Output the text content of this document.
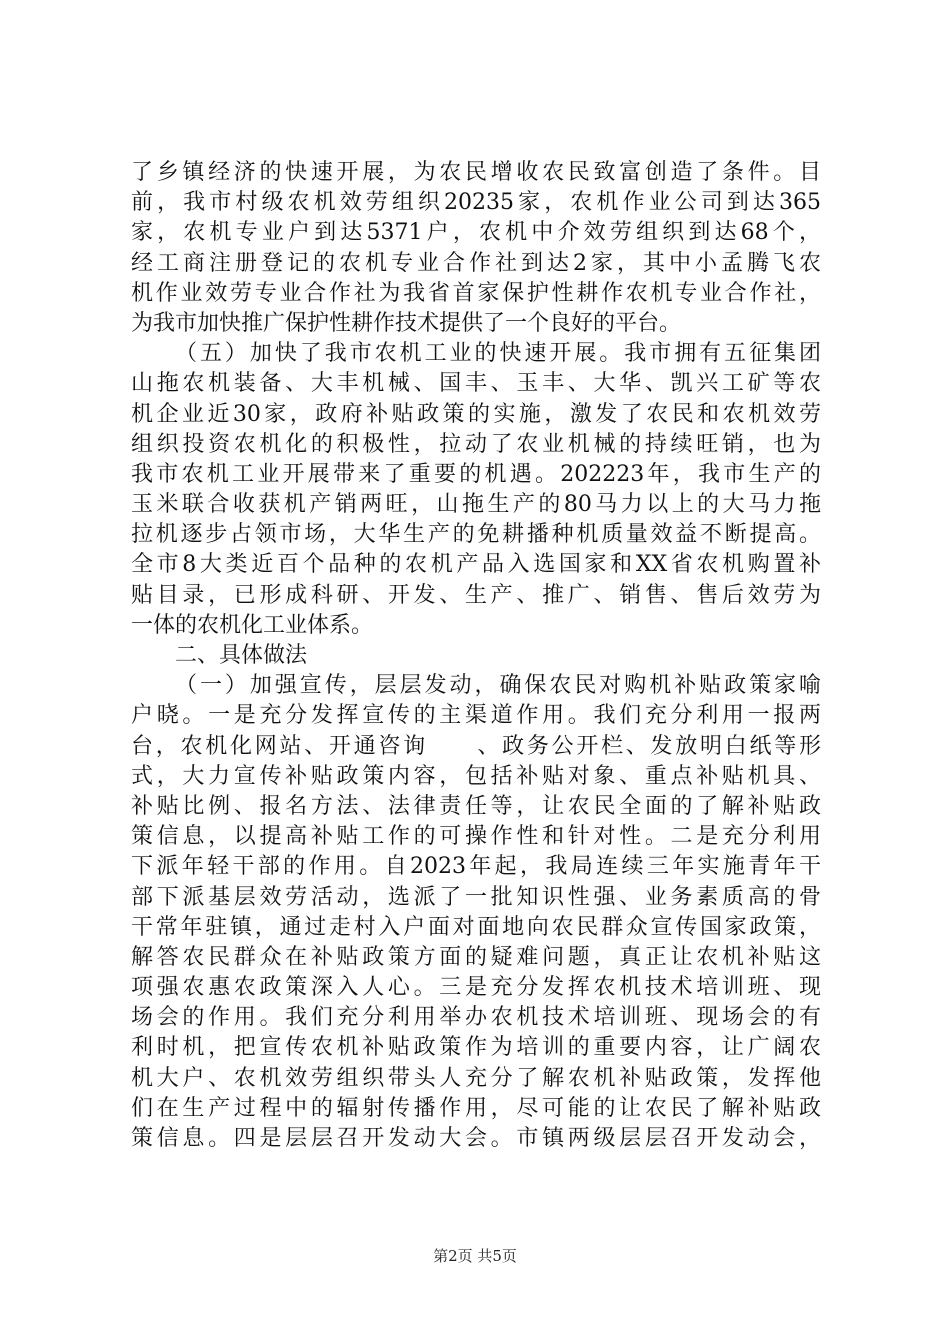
了乡镇经济的快速开展，为农民增收农民致富创造了条件。目
前，我市村级农机效劳组织20235家，农机作业公司到达365
家，农机专业户到达5371户，农机中介效劳组织到达68个，
经工商注册登记的农机专业合作社到达2家，其中小孟腾飞农
机作业效劳专业合作社为我省首家保护性耕作农机专业合作社，
为我市加快推广保护性耕作技术提供了一个良好的平台。
（五）加快了我市农机工业的快速开展。我市拥有五征集团
山拖农机装备、大丰机械、国丰、玉丰、大华、凯兴工矿等农
机企业近30家，政府补贴政策的实施，激发了农民和农机效劳
组织投资农机化的积极性，拉动了农业机械的持续旺销，也为
我市农机工业开展带来了重要的机遇。202223年，我市生产的
玉米联合收获机产销两旺，山拖生产的80马力以上的大马力拖
拉机逐步占领市场，大华生产的免耕播种机质量效益不断提高。
全市8大类近百个品种的农机产品入选国家和XX省农机购置补
贴目录，已形成科研、开发、生产、推广、销售、售后效劳为
一体的农机化工业体系。
二、具体做法
（一）加强宣传，层层发动，确保农民对购机补贴政策家喻
户晓。一是充分发挥宣传的主渠道作用。我们充分利用一报两
台，农机化网站、开通咨询　　、政务公开栏、发放明白纸等形
式，大力宣传补贴政策内容，包括补贴对象、重点补贴机具、
补贴比例、报名方法、法律责任等，让农民全面的了解补贴政
策信息，以提高补贴工作的可操作性和针对性。二是充分利用
下派年轻干部的作用。自2023年起，我局连续三年实施青年干
部下派基层效劳活动，选派了一批知识性强、业务素质高的骨
干常年驻镇，通过走村入户面对面地向农民群众宣传国家政策，
解答农民群众在补贴政策方面的疑难问题，真正让农机补贴这
项强农惠农政策深入人心。三是充分发挥农机技术培训班、现
场会的作用。我们充分利用举办农机技术培训班、现场会的有
利时机，把宣传农机补贴政策作为培训的重要内容，让广阔农
机大户、农机效劳组织带头人充分了解农机补贴政策，发挥他
们在生产过程中的辐射传播作用，尽可能的让农民了解补贴政
策信息。四是层层召开发动大会。市镇两级层层召开发动会，
第2页 共5页
